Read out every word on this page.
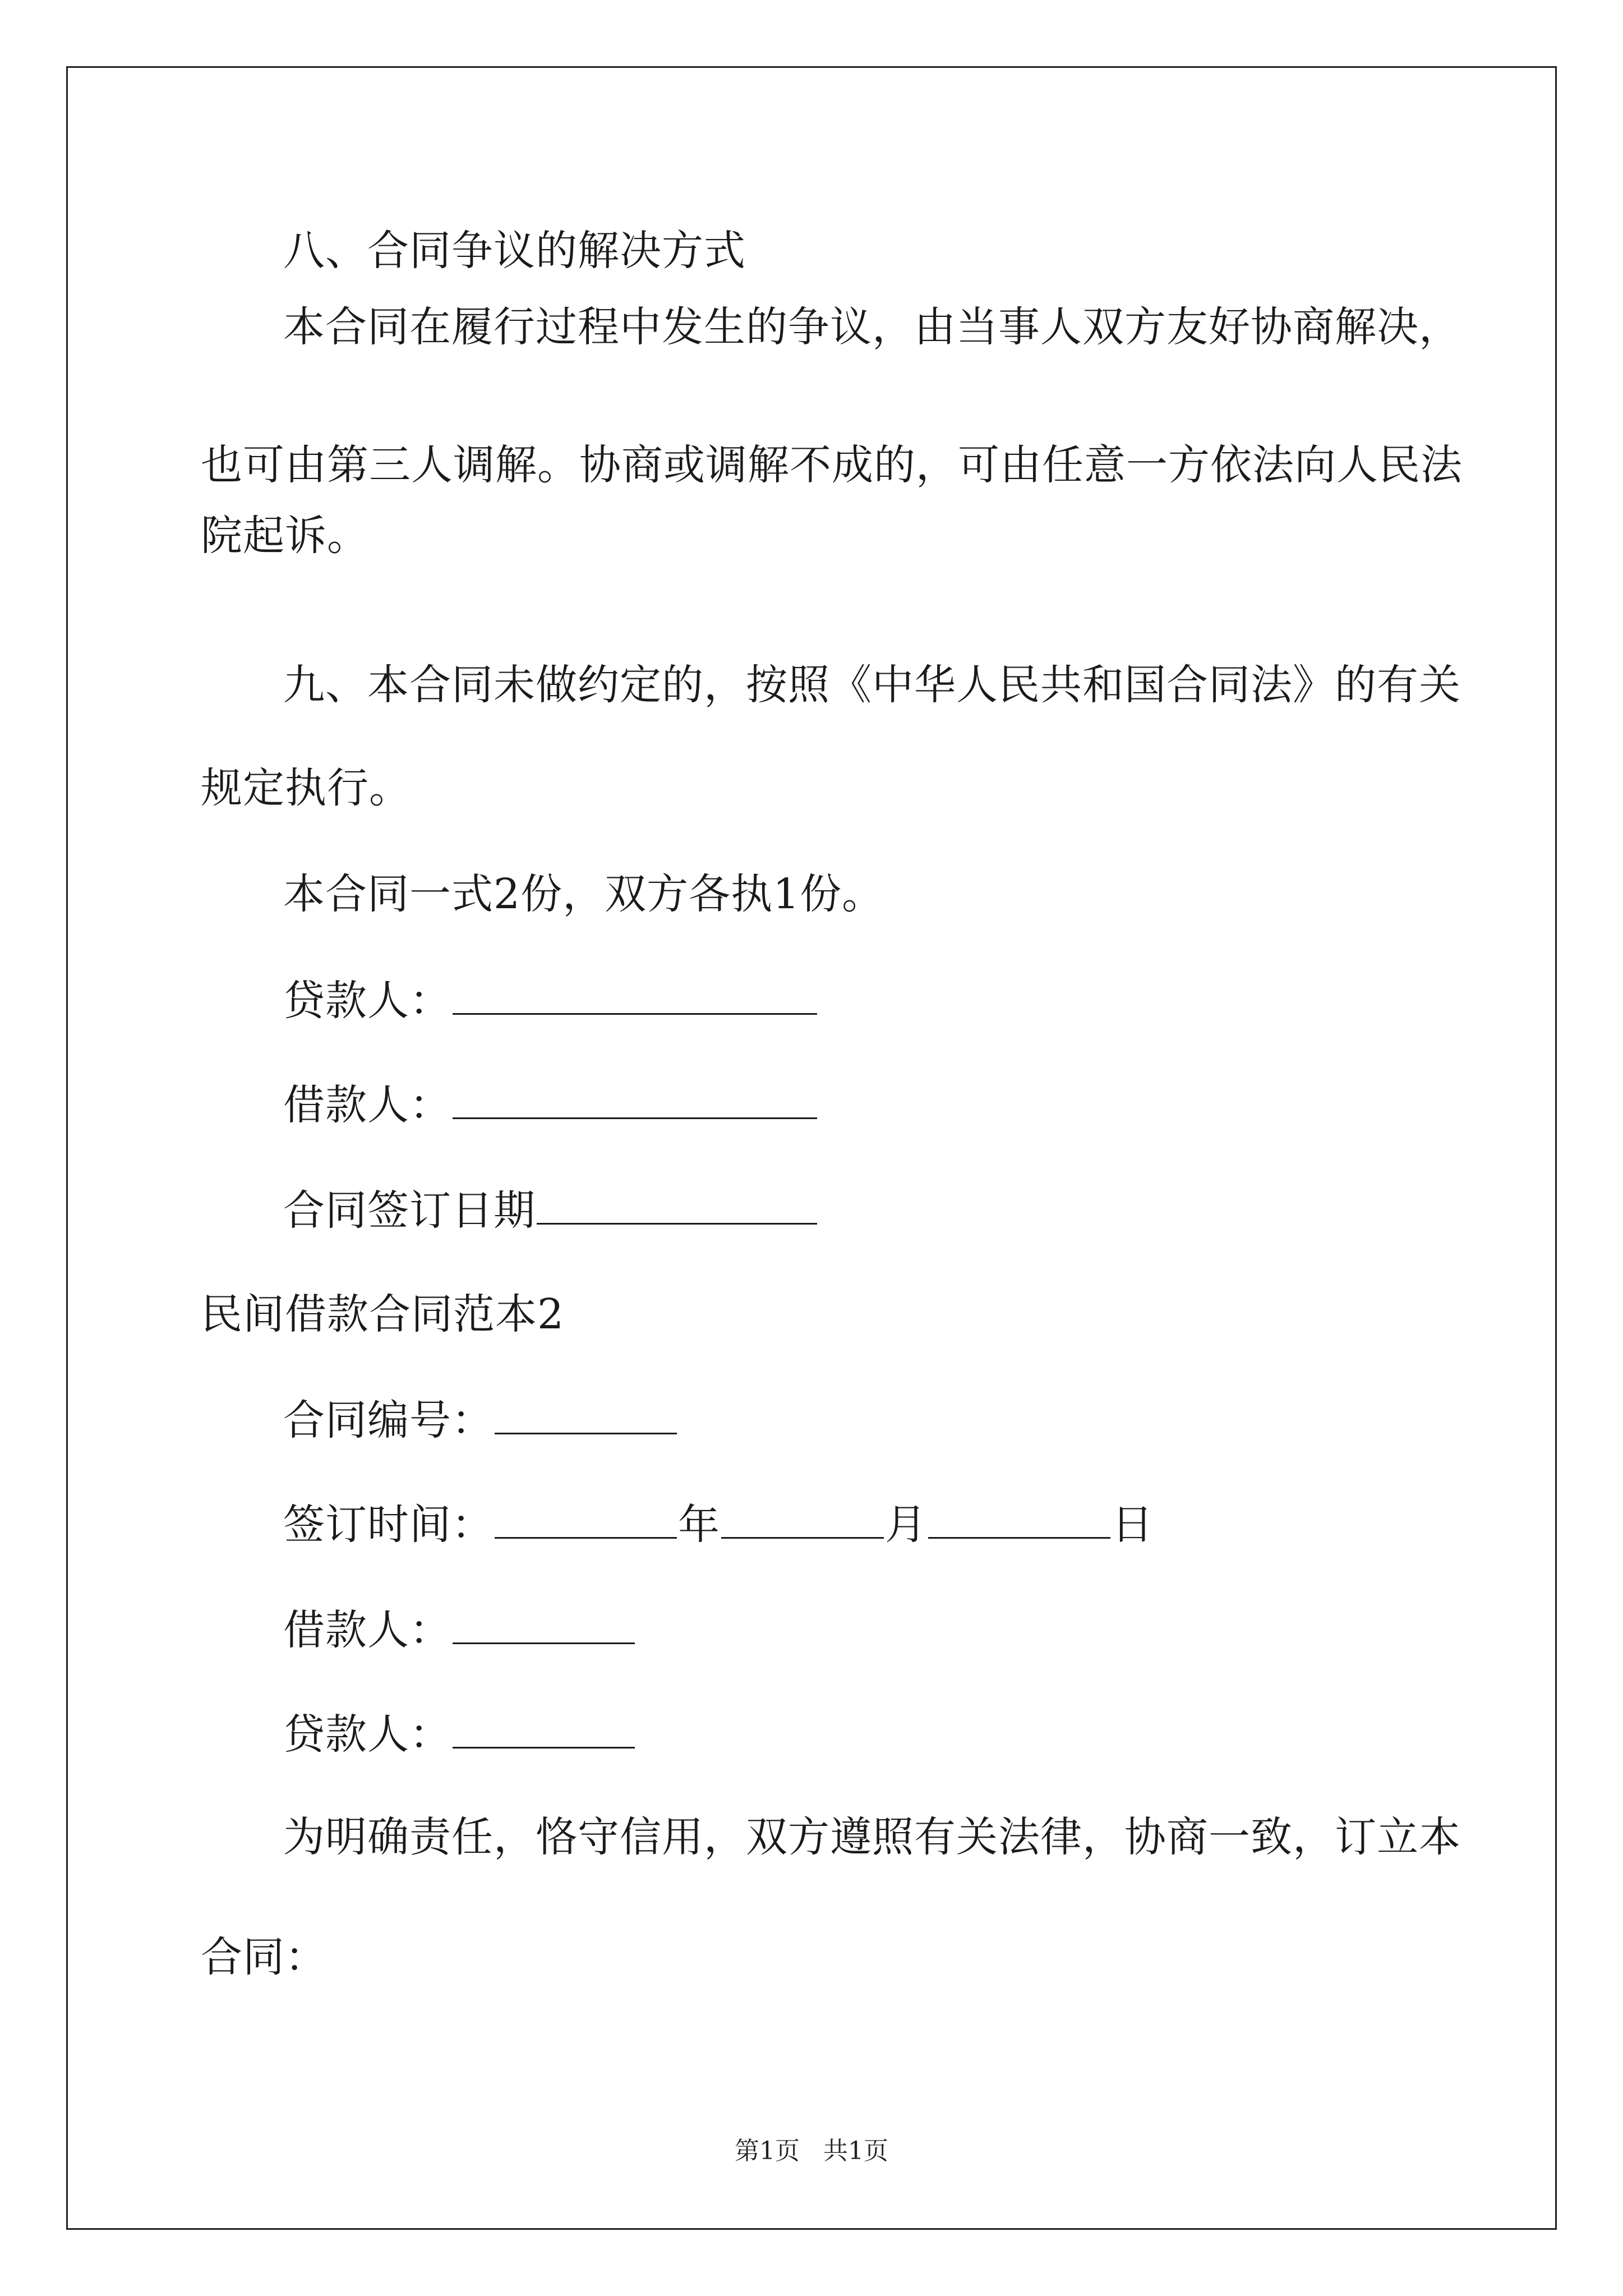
八、合同争议的解决方式
本合同在履行过程中发生的争议，由当事人双方友好协商解决，
也可由第三人调解。协商或调解不成的，可由任意一方依法向人民法
院起诉。
九、本合同未做约定的，按照《中华人民共和国合同法》的有关
规定执行。
本合同一式2份，双方各执1份。
贷款人：
借款人：
合同签订日期
民间借款合同范本2
合同编号：
签订时间：	年	月	日
借款人：
贷款人：
为明确责任，恪守信用，双方遵照有关法律，协商一致，订立本
合同：
第1页 共1页
